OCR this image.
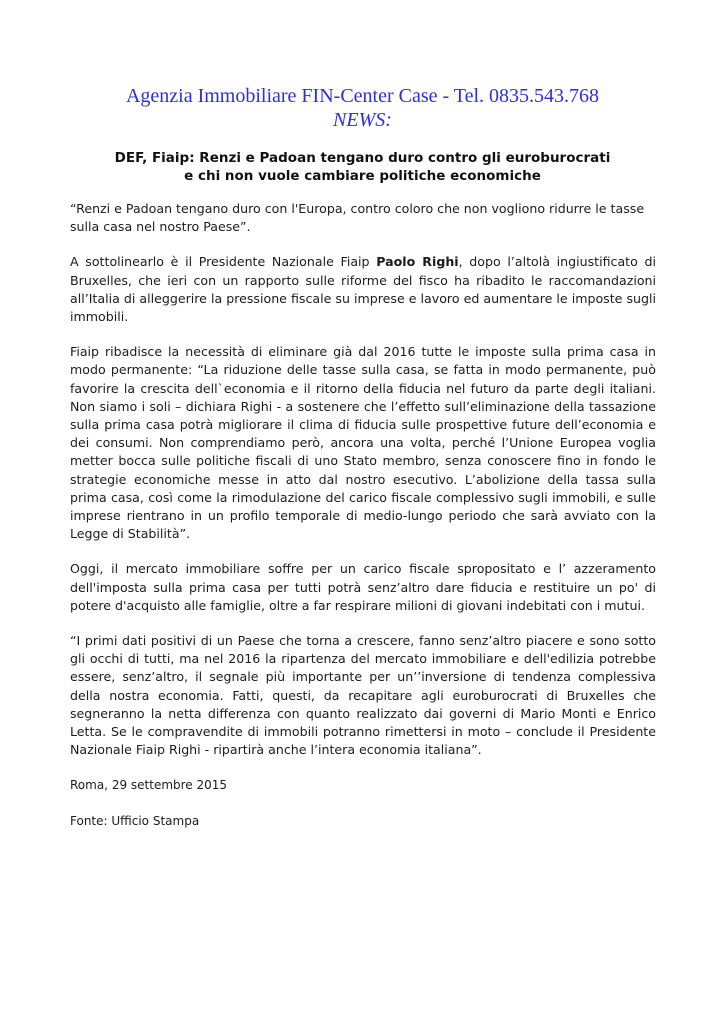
Agenzia Immobiliare FIN-Center Case - Tel. 0835.543.768
NEWS:
DEF, Fiaip: Renzi e Padoan tengano duro contro gli euroburocrati
e chi non vuole cambiare politiche economiche

“Renzi e Padoan tengano duro con l'Europa, contro coloro che non vogliono ridurre le tasse sulla casa nel nostro Paese”.

A sottolinearlo è il Presidente Nazionale Fiaip Paolo Righi, dopo l’altolà ingiustificato di Bruxelles, che ieri con un rapporto sulle riforme del fisco ha ribadito le raccomandazioni all’Italia di alleggerire la pressione fiscale su imprese e lavoro ed aumentare le imposte sugli immobili.

Fiaip ribadisce la necessità di eliminare già dal 2016 tutte le imposte sulla prima casa in modo permanente: “La riduzione delle tasse sulla casa, se fatta in modo permanente, può favorire la crescita dell`economia e il ritorno della fiducia nel futuro da parte degli italiani. Non siamo i soli – dichiara Righi - a sostenere che l’effetto sull’eliminazione della tassazione sulla prima casa potrà migliorare il clima di fiducia sulle prospettive future dell’economia e dei consumi. Non comprendiamo però, ancora una volta, perché l’Unione Europea voglia metter bocca sulle politiche fiscali di uno Stato membro, senza conoscere fino in fondo le strategie economiche messe in atto dal nostro esecutivo. L’abolizione della tassa sulla prima casa, così come la rimodulazione del carico fiscale complessivo sugli immobili, e sulle imprese rientrano in un profilo temporale di medio-lungo periodo che sarà avviato con la Legge di Stabilità”.

Oggi, il mercato immobiliare soffre per un carico fiscale spropositato e l’ azzeramento dell'imposta sulla prima casa per tutti potrà senz’altro dare fiducia e restituire un po' di potere d'acquisto alle famiglie, oltre a far respirare milioni di giovani indebitati con i mutui.

“I primi dati positivi di un Paese che torna a crescere, fanno senz’altro piacere e sono sotto gli occhi di tutti, ma nel 2016 la ripartenza del mercato immobiliare e dell'edilizia potrebbe essere, senz’altro, il segnale più importante per un’’inversione di tendenza complessiva della nostra economia. Fatti, questi, da recapitare agli euroburocrati di Bruxelles che segneranno la netta differenza con quanto realizzato dai governi di Mario Monti e Enrico Letta. Se le compravendite di immobili potranno rimettersi in moto – conclude il Presidente Nazionale Fiaip Righi - ripartirà anche l’intera economia italiana”.

Roma, 29 settembre 2015

Fonte: Ufficio Stampa
